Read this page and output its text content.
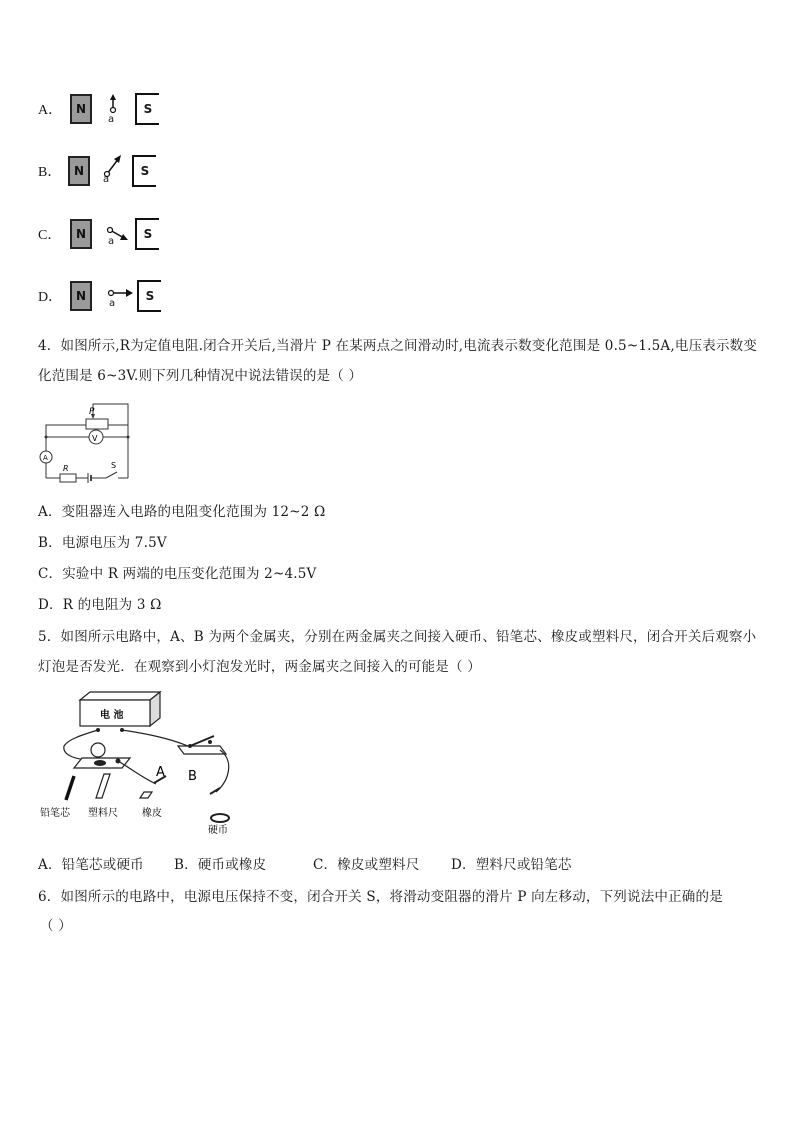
A．	N
a
S
B．	N
a
S
C．	N
a
S
D．	N
a
S
4．如图所示,R为定值电阻.闭合开关后,当滑片 P 在某两点之间滑动时,电流表示数变化范围是 0.5~1.5A,电压表示数变
化范围是 6~3V.则下列几种情况中说法错误的是（ ）
P
V
A
R	S
A．变阻器连入电路的电阻变化范围为 12~2 Ω
B．电源电压为 7.5V
C．实验中 R 两端的电压变化范围为 2~4.5V
D．R 的电阻为 3 Ω
5．如图所示电路中，A、B 为两个金属夹，分别在两金属夹之间接入硬币、铅笔芯、橡皮或塑料尺，闭合开关后观察小
灯泡是否发光．在观察到小灯泡发光时，两金属夹之间接入的可能是（ ）
电 池
A B
铅笔芯 塑料尺 橡皮
硬币
A．铅笔芯或硬币 B．硬币或橡皮	C．橡皮或塑料尺 D．塑料尺或铅笔芯
6．如图所示的电路中，电源电压保持不变，闭合开关 S，将滑动变阻器的滑片 P 向左移动，下列说法中正确的是
（ ）
